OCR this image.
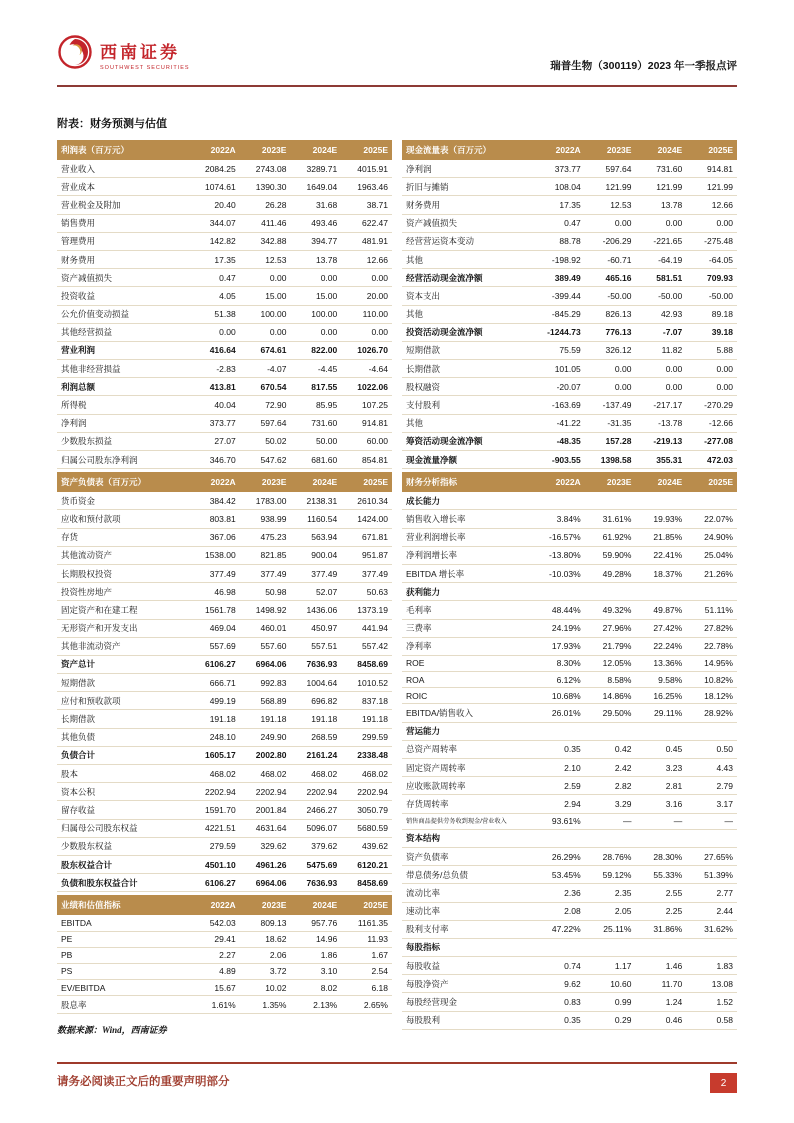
西南证券
SOUTHWEST SECURITIES	瑞普生物（300119）2023 年一季报点评
附表：财务预测与估值
利润表（百万元）	2022A	2023E	2024E	2025E
营业收入	2084.25	2743.08	3289.71	4015.91
营业成本	1074.61	1390.30	1649.04	1963.46
营业税金及附加	20.40	26.28	31.68	38.71
销售费用	344.07	411.46	493.46	622.47
管理费用	142.82	342.88	394.77	481.91
财务费用	17.35	12.53	13.78	12.66
资产减值损失	0.47	0.00	0.00	0.00
投资收益	4.05	15.00	15.00	20.00
公允价值变动损益	51.38	100.00	100.00	110.00
其他经营损益	0.00	0.00	0.00	0.00
营业利润	416.64	674.61	822.00	1026.70
其他非经营损益	-2.83	-4.07	-4.45	-4.64
利润总额	413.81	670.54	817.55	1022.06
所得税	40.04	72.90	85.95	107.25
净利润	373.77	597.64	731.60	914.81
少数股东损益	27.07	50.02	50.00	60.00
归属公司股东净利润	346.70	547.62	681.60	854.81
资产负债表（百万元）	2022A	2023E	2024E	2025E
货币资金	384.42	1783.00	2138.31	2610.34
应收和预付款项	803.81	938.99	1160.54	1424.00
存货	367.06	475.23	563.94	671.81
其他流动资产	1538.00	821.85	900.04	951.87
长期股权投资	377.49	377.49	377.49	377.49
投资性房地产	46.98	50.98	52.07	50.63
固定资产和在建工程	1561.78	1498.92	1436.06	1373.19
无形资产和开发支出	469.04	460.01	450.97	441.94
其他非流动资产	557.69	557.60	557.51	557.42
资产总计	6106.27	6964.06	7636.93	8458.69
短期借款	666.71	992.83	1004.64	1010.52
应付和预收款项	499.19	568.89	696.82	837.18
长期借款	191.18	191.18	191.18	191.18
其他负债	248.10	249.90	268.59	299.59
负债合计	1605.17	2002.80	2161.24	2338.48
股本	468.02	468.02	468.02	468.02
资本公积	2202.94	2202.94	2202.94	2202.94
留存收益	1591.70	2001.84	2466.27	3050.79
归属母公司股东权益	4221.51	4631.64	5096.07	5680.59
少数股东权益	279.59	329.62	379.62	439.62
股东权益合计	4501.10	4961.26	5475.69	6120.21
负债和股东权益合计	6106.27	6964.06	7636.93	8458.69
业绩和估值指标	2022A	2023E	2024E	2025E
EBITDA	542.03	809.13	957.76	1161.35
PE	29.41	18.62	14.96	11.93
PB	2.27	2.06	1.86	1.67
PS	4.89	3.72	3.10	2.54
EV/EBITDA	15.67	10.02	8.02	6.18
股息率	1.61%	1.35%	2.13%	2.65%
数据来源：Wind，西南证券
现金流量表（百万元）	2022A	2023E	2024E	2025E
净利润	373.77	597.64	731.60	914.81
折旧与摊销	108.04	121.99	121.99	121.99
财务费用	17.35	12.53	13.78	12.66
资产减值损失	0.47	0.00	0.00	0.00
经营营运资本变动	88.78	-206.29	-221.65	-275.48
其他	-198.92	-60.71	-64.19	-64.05
经营活动现金流净额	389.49	465.16	581.51	709.93
资本支出	-399.44	-50.00	-50.00	-50.00
其他	-845.29	826.13	42.93	89.18
投资活动现金流净额	-1244.73	776.13	-7.07	39.18
短期借款	75.59	326.12	11.82	5.88
长期借款	101.05	0.00	0.00	0.00
股权融资	-20.07	0.00	0.00	0.00
支付股利	-163.69	-137.49	-217.17	-270.29
其他	-41.22	-31.35	-13.78	-12.66
筹资活动现金流净额	-48.35	157.28	-219.13	-277.08
现金流量净额	-903.55	1398.58	355.31	472.03
财务分析指标	2022A	2023E	2024E	2025E
成长能力				
销售收入增长率	3.84%	31.61%	19.93%	22.07%
营业利润增长率	-16.57%	61.92%	21.85%	24.90%
净利润增长率	-13.80%	59.90%	22.41%	25.04%
EBITDA 增长率	-10.03%	49.28%	18.37%	21.26%
获利能力				
毛利率	48.44%	49.32%	49.87%	51.11%
三费率	24.19%	27.96%	27.42%	27.82%
净利率	17.93%	21.79%	22.24%	22.78%
ROE	8.30%	12.05%	13.36%	14.95%
ROA	6.12%	8.58%	9.58%	10.82%
ROIC	10.68%	14.86%	16.25%	18.12%
EBITDA/销售收入	26.01%	29.50%	29.11%	28.92%
营运能力				
总资产周转率	0.35	0.42	0.45	0.50
固定资产周转率	2.10	2.42	3.23	4.43
应收账款周转率	2.59	2.82	2.81	2.79
存货周转率	2.94	3.29	3.16	3.17
销售商品提供劳务收到现金/营业收入	93.61%	—	—	—
资本结构				
资产负债率	26.29%	28.76%	28.30%	27.65%
带息债务/总负债	53.45%	59.12%	55.33%	51.39%
流动比率	2.36	2.35	2.55	2.77
速动比率	2.08	2.05	2.25	2.44
股利支付率	47.22%	25.11%	31.86%	31.62%
每股指标				
每股收益	0.74	1.17	1.46	1.83
每股净资产	9.62	10.60	11.70	13.08
每股经营现金	0.83	0.99	1.24	1.52
每股股利	0.35	0.29	0.46	0.58
请务必阅读正文后的重要声明部分	2
